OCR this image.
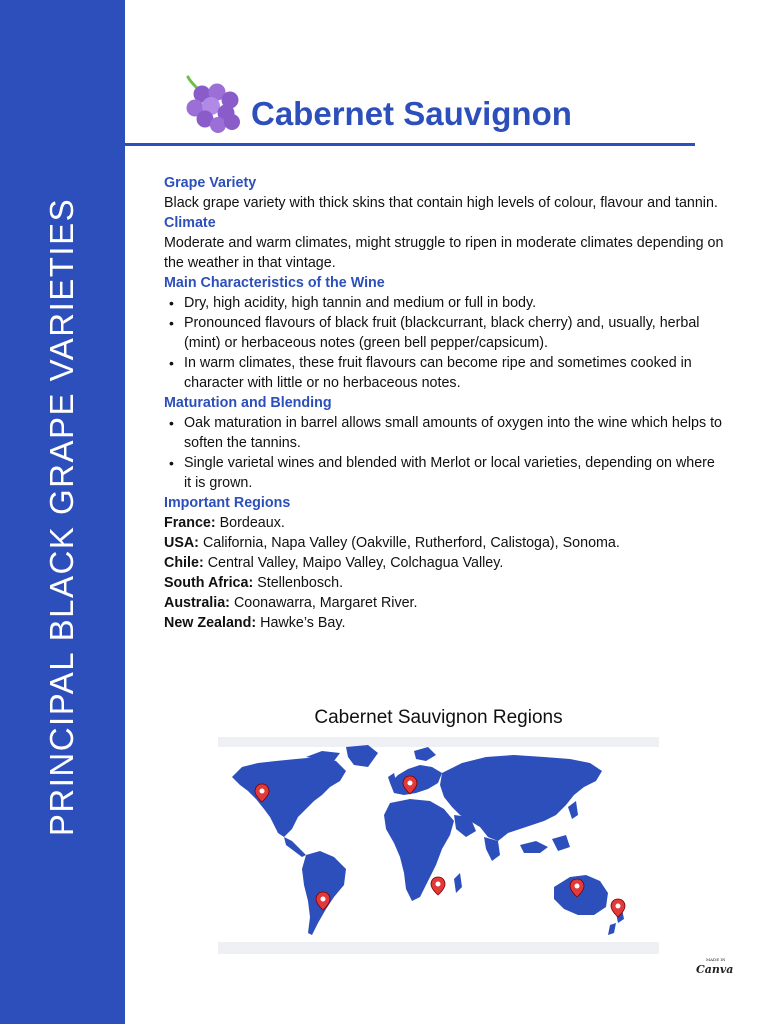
PRINCIPAL BLACK GRAPE VARIETIES
Cabernet Sauvignon
Grape Variety
Black grape variety with thick skins that contain high levels of colour, flavour and tannin.
Climate
Moderate and warm climates, might struggle to ripen in moderate climates depending on the weather in that vintage.
Main Characteristics of the Wine
• Dry, high acidity, high tannin and medium or full in body.
• Pronounced flavours of black fruit (blackcurrant, black cherry) and, usually, herbal (mint) or herbaceous notes (green bell pepper/capsicum).
• In warm climates, these fruit flavours can become ripe and sometimes cooked in character with little or no herbaceous notes.
Maturation and Blending
• Oak maturation in barrel allows small amounts of oxygen into the wine which helps to soften the tannins.
• Single varietal wines and blended with Merlot or local varieties, depending on where it is grown.
Important Regions
France: Bordeaux.
USA: California, Napa Valley (Oakville, Rutherford, Calistoga), Sonoma.
Chile: Central Valley, Maipo Valley, Colchagua Valley.
South Africa: Stellenbosch.
Australia: Coonawarra, Margaret River.
New Zealand: Hawke’s Bay.
Cabernet Sauvignon Regions
MADE IN
Canva
